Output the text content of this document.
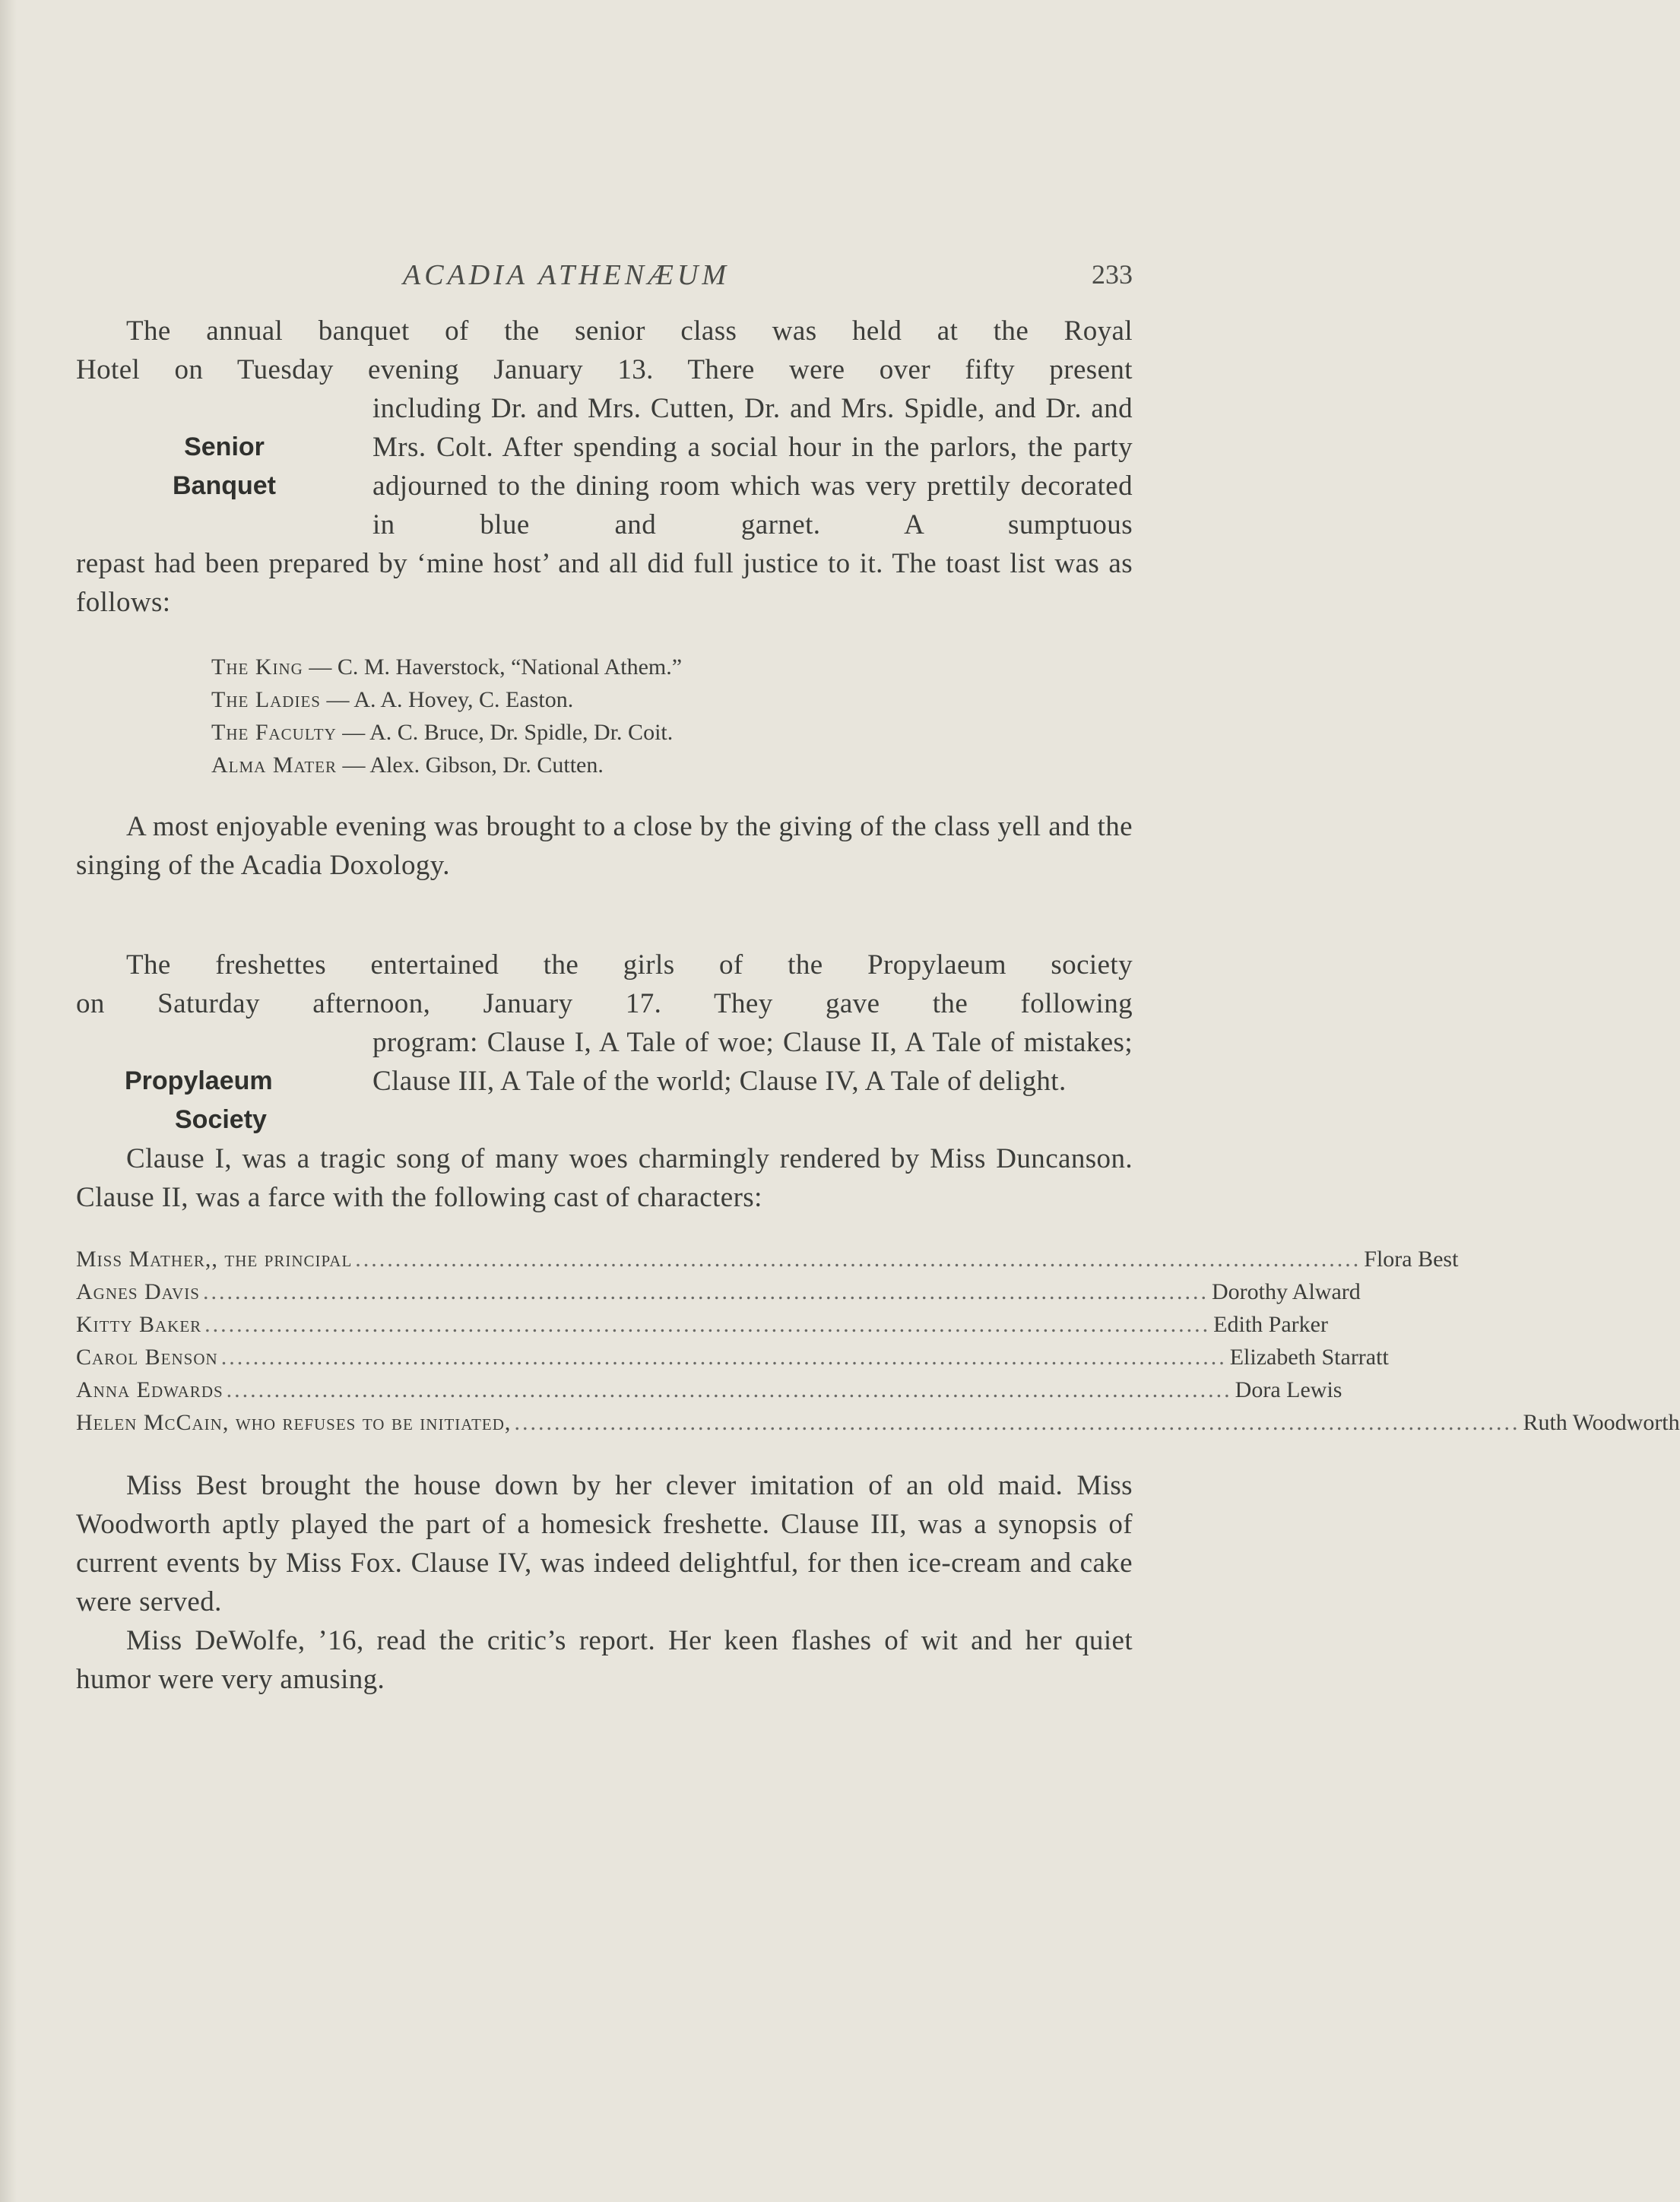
ACADIA ATHENÆUM	233

The annual banquet of the senior class was held at the Royal

Hotel on Tuesday evening January 13. There were over fifty present

Senior
Banquet

including Dr. and Mrs. Cutten, Dr. and Mrs. Spidle, and Dr. and Mrs. Colt. After spending a social hour in the parlors, the party adjourned to the dining room which was very prettily decorated in blue and garnet. A sumptuous

repast had been prepared by ‘mine host’ and all did full justice to it. The toast list was as follows:

The King — C. M. Haverstock, “National Athem.”
The Ladies — A. A. Hovey, C. Easton.
The Faculty — A. C. Bruce, Dr. Spidle, Dr. Coit.
Alma Mater — Alex. Gibson, Dr. Cutten.

A most enjoyable evening was brought to a close by the giving of the class yell and the singing of the Acadia Doxology.

The freshettes entertained the girls of the Propylaeum society

on Saturday afternoon, January 17. They gave the following

Propylaeum
Society

program: Clause I, A Tale of woe; Clause II, A Tale of mistakes; Clause III, A Tale of the world; Clause IV, A Tale of delight.

Clause I, was a tragic song of many woes charmingly rendered by Miss Duncanson. Clause II, was a farce with the following cast of characters:

Miss Mather,, the principal .............................................................................................................................. Flora Best
Agnes Davis .............................................................................................................................. Dorothy Alward
Kitty Baker .............................................................................................................................. Edith Parker
Carol Benson .............................................................................................................................. Elizabeth Starratt
Anna Edwards .............................................................................................................................. Dora Lewis
Helen McCain, who refuses to be initiated, .............................................................................................................................. Ruth Woodworth

Miss Best brought the house down by her clever imitation of an old maid. Miss Woodworth aptly played the part of a homesick freshette. Clause III, was a synopsis of current events by Miss Fox. Clause IV, was indeed delightful, for then ice-cream and cake were served.

Miss DeWolfe, ’16, read the critic’s report. Her keen flashes of wit and her quiet humor were very amusing.
